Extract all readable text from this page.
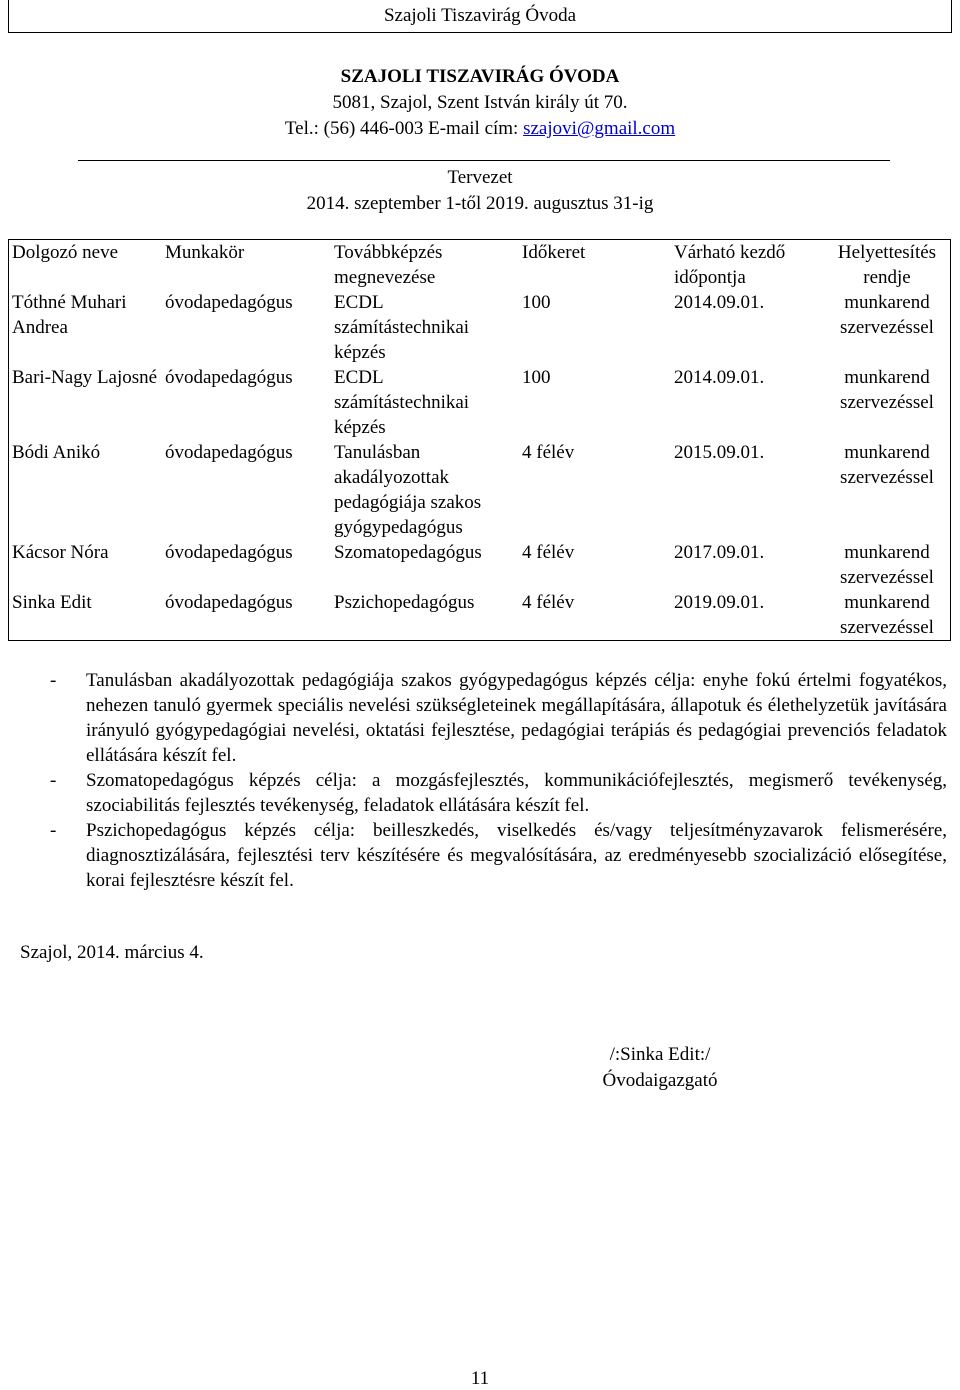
Szajoli Tiszavirág Óvoda
SZAJOLI TISZAVIRÁG ÓVODA
5081, Szajol, Szent István király út 70.
Tel.: (56) 446-003 E-mail cím: szajovi@gmail.com
Tervezet
2014. szeptember 1-től 2019. augusztus 31-ig
Dolgozó neve	Munkakör	Továbbképzés megnevezése	Időkeret	Várható kezdő időpontja	Helyettesítés rendje
Tóthné Muhari Andrea	óvodapedagógus	ECDL számítástechnikai képzés	100	2014.09.01.	munkarend szervezéssel
Bari-Nagy Lajosné	óvodapedagógus	ECDL számítástechnikai képzés	100	2014.09.01.	munkarend szervezéssel
Bódi Anikó	óvodapedagógus	Tanulásban akadályozottak pedagógiája szakos gyógypedagógus	4 félév	2015.09.01.	munkarend szervezéssel
Kácsor Nóra	óvodapedagógus	Szomatopedagógus	4 félév	2017.09.01.	munkarend szervezéssel
Sinka Edit	óvodapedagógus	Pszichopedagógus	4 félév	2019.09.01.	munkarend szervezéssel
- Tanulásban akadályozottak pedagógiája szakos gyógypedagógus képzés célja: enyhe fokú értelmi fogyatékos, nehezen tanuló gyermek speciális nevelési szükségleteinek megállapítására, állapotuk és élethelyzetük javítására irányuló gyógypedagógiai nevelési, oktatási fejlesztése, pedagógiai terápiás és pedagógiai prevenciós feladatok ellátására készít fel.
- Szomatopedagógus képzés célja: a mozgásfejlesztés, kommunikációfejlesztés, megismerő tevékenység, szociabilitás fejlesztés tevékenység, feladatok ellátására készít fel.
- Pszichopedagógus képzés célja: beilleszkedés, viselkedés és/vagy teljesítményzavarok felismerésére, diagnosztizálására, fejlesztési terv készítésére és megvalósítására, az eredményesebb szocializáció elősegítése, korai fejlesztésre készít fel.
Szajol, 2014. március 4.
/:Sinka Edit:/
Óvodaigazgató
11
